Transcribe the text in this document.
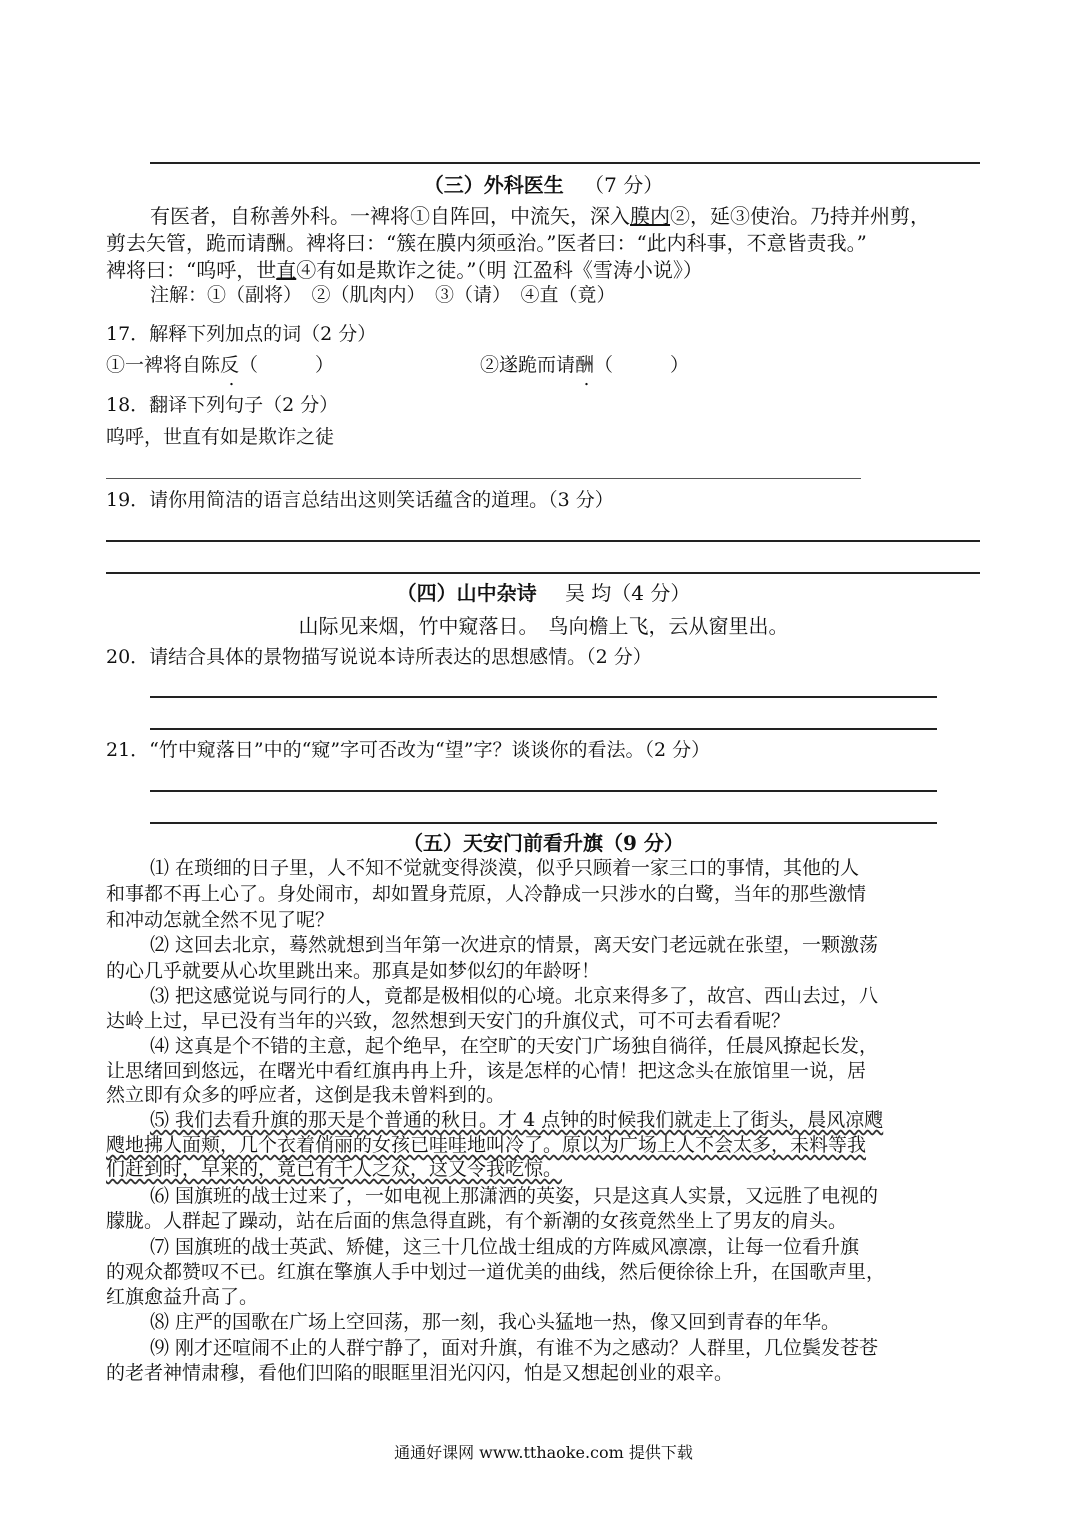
（三）外科医生 （7 分）
有医者，自称善外科。一裨将①自阵回，中流矢，深入膜内②，延③使治。乃持并州剪，
剪去矢管，跪而请酬。裨将曰：“簇在膜内须亟治。”医者曰：“此内科事，不意皆责我。”
裨将曰：“呜呼，世直④有如是欺诈之徒。”（明 江盈科《雪涛小说》）
注解：①（副将）　②（肌肉内）　③（请）　④直（竟）
17．解释下列加点的词（2 分）
①一裨将自陈反（　　　）	②遂跪而请酬（　　　）
18．翻译下列句子（2 分）
呜呼，世直有如是欺诈之徒
19．请你用简洁的语言总结出这则笑话蕴含的道理。（3 分）
（四）山中杂诗 吴 均（4 分）
山际见来烟，竹中窥落日。　鸟向檐上飞，云从窗里出。
20．请结合具体的景物描写说说本诗所表达的思想感情。（2 分）
21．“竹中窥落日”中的“窥”字可否改为“望”字？谈谈你的看法。（2 分）
（五）天安门前看升旗（9 分）
⑴ 在琐细的日子里，人不知不觉就变得淡漠，似乎只顾着一家三口的事情，其他的人
和事都不再上心了。身处闹市，却如置身荒原，人冷静成一只涉水的白鹭，当年的那些激情
和冲动怎就全然不见了呢？
⑵ 这回去北京，蓦然就想到当年第一次进京的情景，离天安门老远就在张望，一颗激荡
的心几乎就要从心坎里跳出来。那真是如梦似幻的年龄呀！
⑶ 把这感觉说与同行的人，竟都是极相似的心境。北京来得多了，故宫、西山去过，八
达岭上过，早已没有当年的兴致，忽然想到天安门的升旗仪式，可不可去看看呢？
⑷ 这真是个不错的主意，起个绝早，在空旷的天安门广场独自徜徉，任晨风撩起长发，
让思绪回到悠远，在曙光中看红旗冉冉上升，该是怎样的心情！把这念头在旅馆里一说，居
然立即有众多的呼应者，这倒是我未曾料到的。
⑸ 我们去看升旗的那天是个普通的秋日。才 4 点钟的时候我们就走上了街头，晨风凉飕
飕地拂人面颊，几个衣着俏丽的女孩已哇哇地叫冷了。原以为广场上人不会太多，未料等我
们赶到时，早来的，竟已有千人之众，这又令我吃惊。
⑹ 国旗班的战士过来了，一如电视上那潇洒的英姿，只是这真人实景，又远胜了电视的
朦胧。人群起了躁动，站在后面的焦急得直跳，有个新潮的女孩竟然坐上了男友的肩头。
⑺ 国旗班的战士英武、矫健，这三十几位战士组成的方阵威风凛凛，让每一位看升旗
的观众都赞叹不已。红旗在擎旗人手中划过一道优美的曲线，然后便徐徐上升，在国歌声里，
红旗愈益升高了。
⑻ 庄严的国歌在广场上空回荡，那一刻，我心头猛地一热，像又回到青春的年华。
⑼ 刚才还喧闹不止的人群宁静了，面对升旗，有谁不为之感动？人群里，几位鬓发苍苍
的老者神情肃穆，看他们凹陷的眼眶里泪光闪闪，怕是又想起创业的艰辛。
通通好课网 www.tthaoke.com 提供下载
